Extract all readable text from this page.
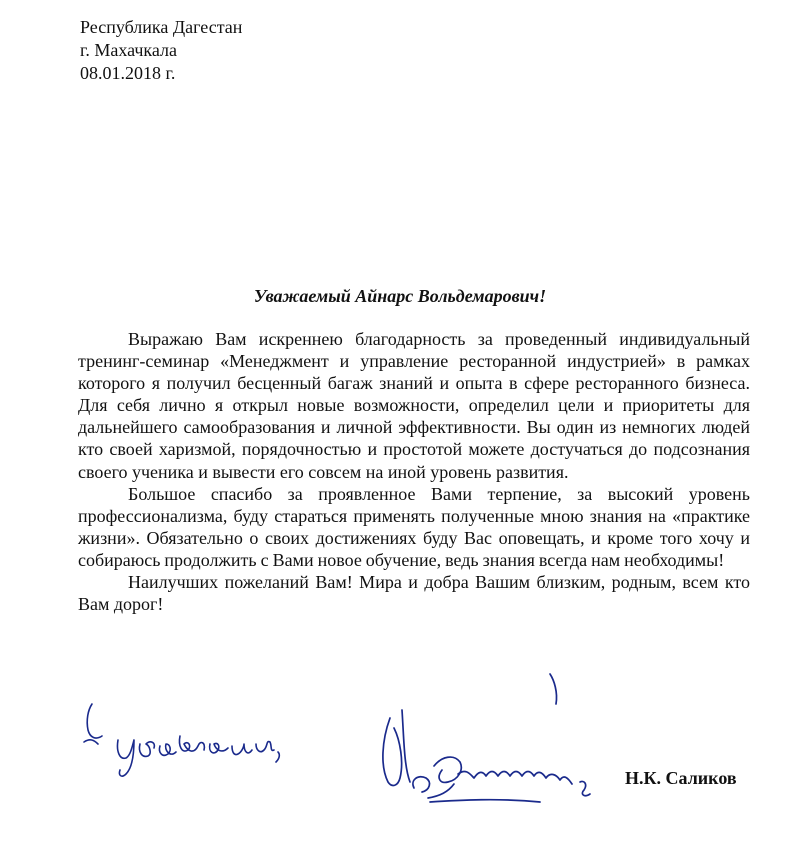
Республика Дагестан
г. Махачкала
08.01.2018 г.
Уважаемый Айнарс Вольдемарович!

Выражаю Вам искреннею благодарность за проведенный индивидуальный тренинг-семинар «Менеджмент и управление ресторанной индустрией» в рамках которого я получил бесценный багаж знаний и опыта в сфере ресторанного бизнеса. Для себя лично я открыл новые возможности, определил цели и приоритеты для дальнейшего самообразования и личной эффективности. Вы один из немногих людей кто своей харизмой, порядочностью и простотой можете достучаться до подсознания своего ученика и вывести его совсем на иной уровень развития.

Большое спасибо за проявленное Вами терпение, за высокий уровень профессионализма, буду стараться применять полученные мною знания на «практике жизни». Обязательно о своих достижениях буду Вас оповещать, и кроме того хочу и собираюсь продолжить с Вами новое обучение, ведь знания всегда нам необходимы!

Наилучших пожеланий Вам! Мира и добра Вашим близким, родным, всем кто Вам дорог!

Н.К. Саликов
